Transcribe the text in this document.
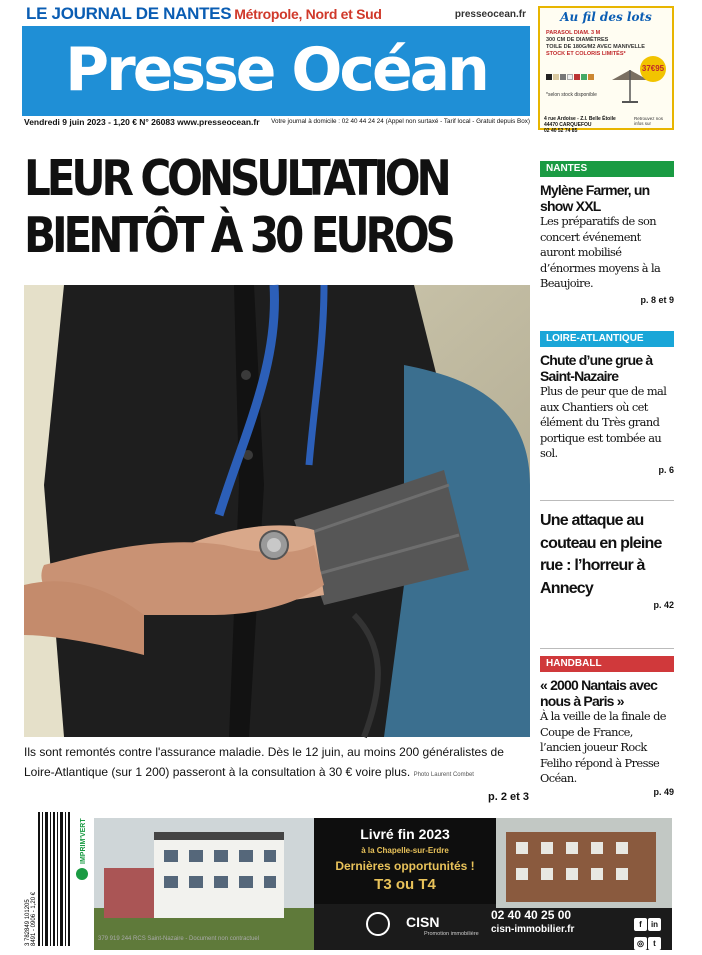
LE JOURNAL DE NANTES Métropole, Nord et Sud	presseocean.fr
Presse Océan
Vendredi 9 juin 2023 - 1,20 € N° 26083 www.presseocean.fr Votre journal à domicile : 02 40 44 24 24 (Appel non surtaxé - Tarif local - Gratuit depuis Box)
Au fil des lots
PARASOL DIAM. 3 M
300 CM DE DIAMÈTRES
TOILE DE 180G/M2 AVEC MANIVELLE
STOCK ET COLORIS LIMITÉS*
37€95
*selon stock disponible
4 rue Ardoise - Z.I. Belle Étoile
44470 CARQUEFOU
02 40 52 74 85
Retrouvez nos infos sur
LEUR CONSULTATION
BIENTÔT À 30 EUROS
Ils sont remontés contre l'assurance maladie. Dès le 12 juin, au moins 200 généralistes de Loire-Atlantique (sur 1 200) passeront à la consultation à 30 € voire plus. Photo Laurent Combet
p. 2 et 3
NANTES
Mylène Farmer, un show XXL
Les préparatifs de son concert événement auront mobilisé d’énormes moyens à la Beaujoire.
p. 8 et 9
LOIRE-ATLANTIQUE
Chute d’une grue à Saint-Nazaire
Plus de peur que de mal aux Chantiers où cet élément du Très grand portique est tombée au sol.
p. 6
Une attaque au couteau en pleine rue : l’horreur à Annecy
p. 42
HANDBALL
« 2000 Nantais avec nous à Paris »
À la veille de la finale de Coupe de France, l’ancien joueur Rock Feliho répond à Presse Océan.
p. 49
3 782849 101205 8491 - 0906 - 1,20 €
IMPRIM'VERT	Livré fin 2023
à la Chapelle-sur-Erdre
Dernières opportunités !
T3 ou T4
CISN
Promotion immobilière
02 40 40 25 00
cisn-immobilier.fr
379 919 244 RCS Saint-Nazaire - Document non contractuel
f in◎ t
